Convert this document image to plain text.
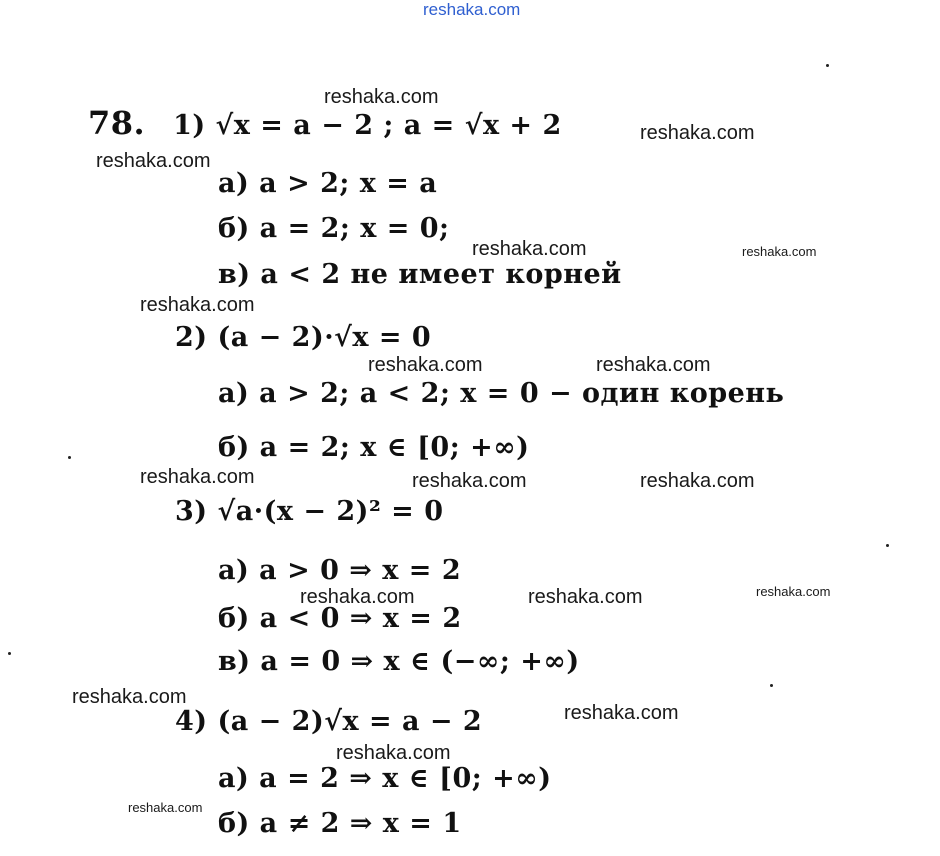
reshaka.com
78. 1) √x = a − 2 ; a = √x + 2
а) a > 2; x = a
б) a = 2; x = 0;
в) a < 2 не имеет корней
2) (a − 2)·√x = 0
а) a > 2; a < 2; x = 0 − один корень
б) a = 2; x ∈ [0; +∞)
3) √a·(x − 2)² = 0
а) a > 0 ⇒ x = 2
б) a < 0 ⇒ x = 2
в) a = 0 ⇒ x ∈ (−∞; +∞)
4) (a − 2)√x = a − 2
а) a = 2 ⇒ x ∈ [0; +∞)
б) a ≠ 2 ⇒ x = 1
reshaka.com
reshaka.com
reshaka.com
reshaka.com	reshaka.com
reshaka.com
reshaka.com	reshaka.com
reshaka.com	reshaka.com	reshaka.com
reshaka.com	reshaka.com	reshaka.com
reshaka.com
reshaka.com
reshaka.com
reshaka.com
